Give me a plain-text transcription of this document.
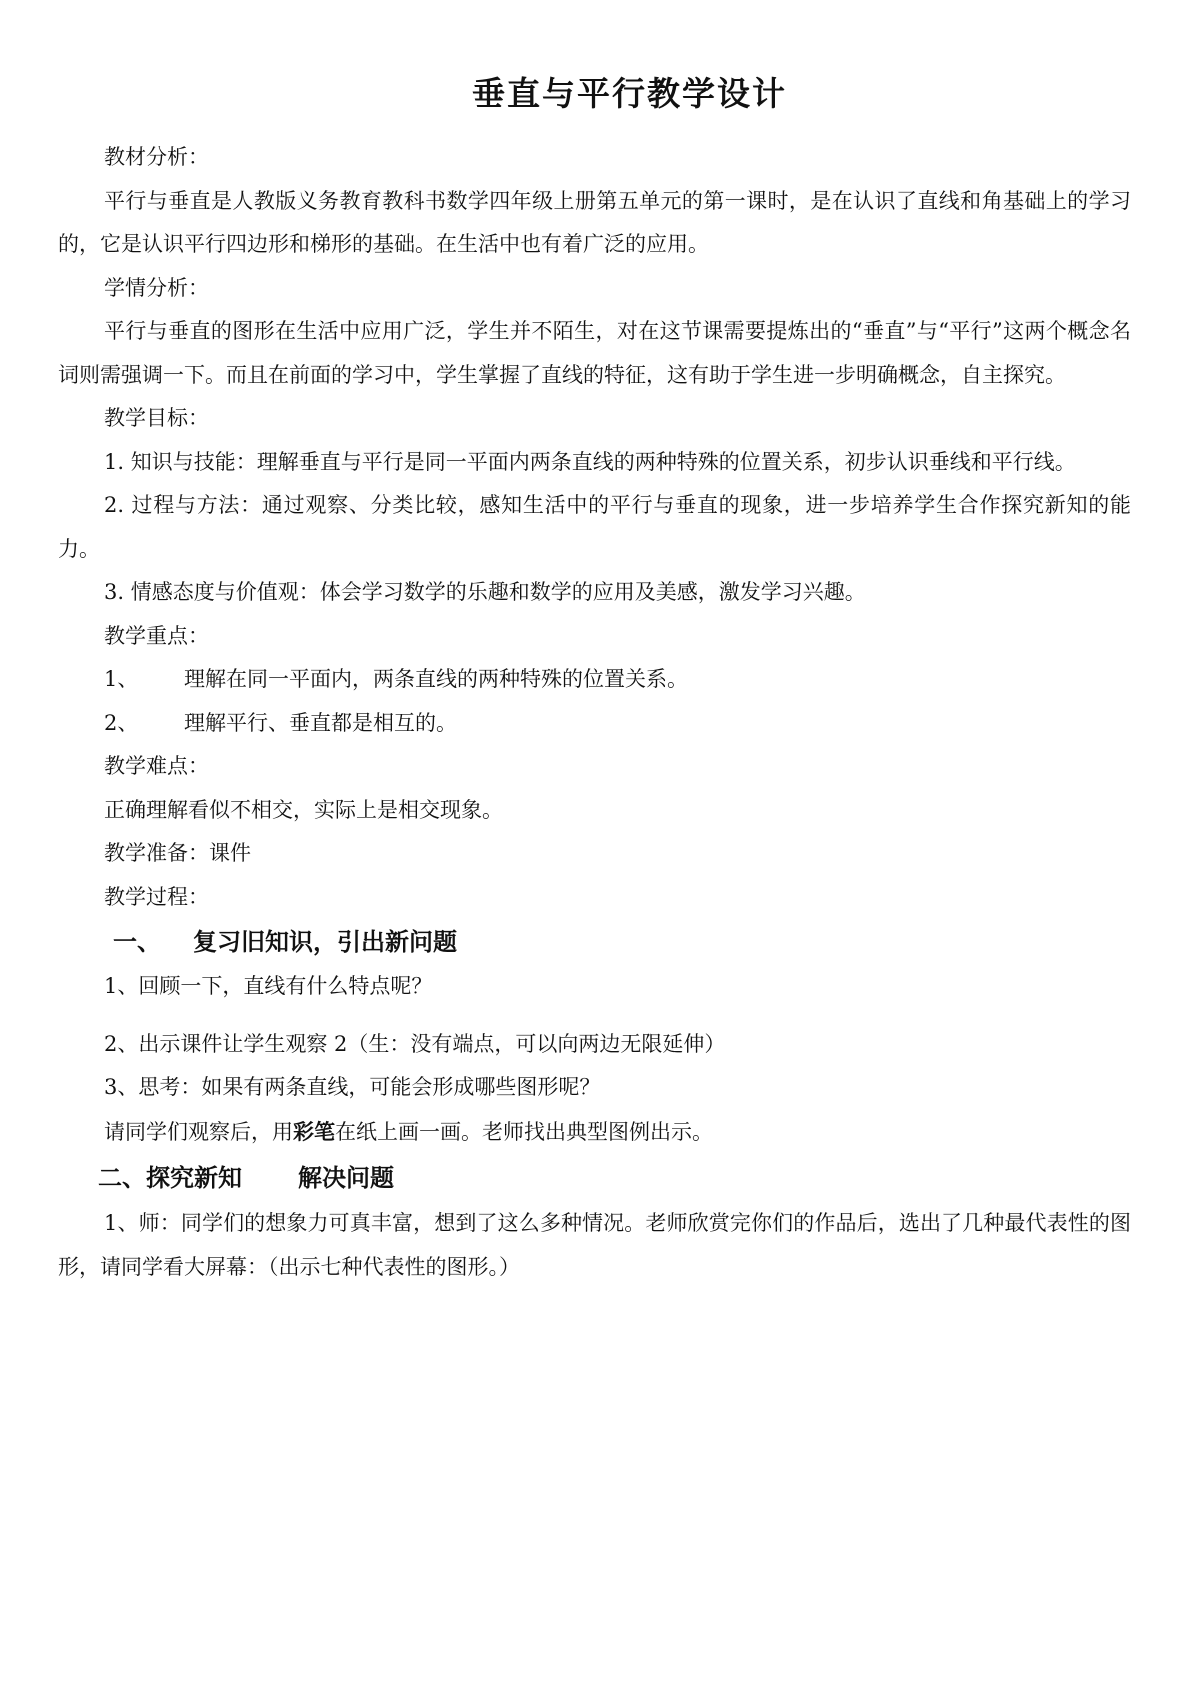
垂直与平行教学设计

教材分析：

平行与垂直是人教版义务教育教科书数学四年级上册第五单元的第一课时，是在认识了直线和角基础上的学习的，它是认识平行四边形和梯形的基础。在生活中也有着广泛的应用。

学情分析：

平行与垂直的图形在生活中应用广泛，学生并不陌生，对在这节课需要提炼出的“垂直”与“平行”这两个概念名词则需强调一下。而且在前面的学习中，学生掌握了直线的特征，这有助于学生进一步明确概念，自主探究。

教学目标：

1. 知识与技能：理解垂直与平行是同一平面内两条直线的两种特殊的位置关系，初步认识垂线和平行线。

2. 过程与方法：通过观察、分类比较，感知生活中的平行与垂直的现象，进一步培养学生合作探究新知的能力。

3. 情感态度与价值观：体会学习数学的乐趣和数学的应用及美感，激发学习兴趣。

教学重点：

1、 理解在同一平面内，两条直线的两种特殊的位置关系。

2、 理解平行、垂直都是相互的。

教学难点：

正确理解看似不相交，实际上是相交现象。

教学准备：课件

教学过程：

一、 复习旧知识，引出新问题

1、回顾一下，直线有什么特点呢？

2、出示课件让学生观察 2（生：没有端点，可以向两边无限延伸）

3、思考：如果有两条直线，可能会形成哪些图形呢？

请同学们观察后，用彩笔在纸上画一画。老师找出典型图例出示。

二、探究新知 解决问题

1、师：同学们的想象力可真丰富，想到了这么多种情况。老师欣赏完你们的作品后，选出了几种最代表性的图形，请同学看大屏幕：（出示七种代表性的图形。）
